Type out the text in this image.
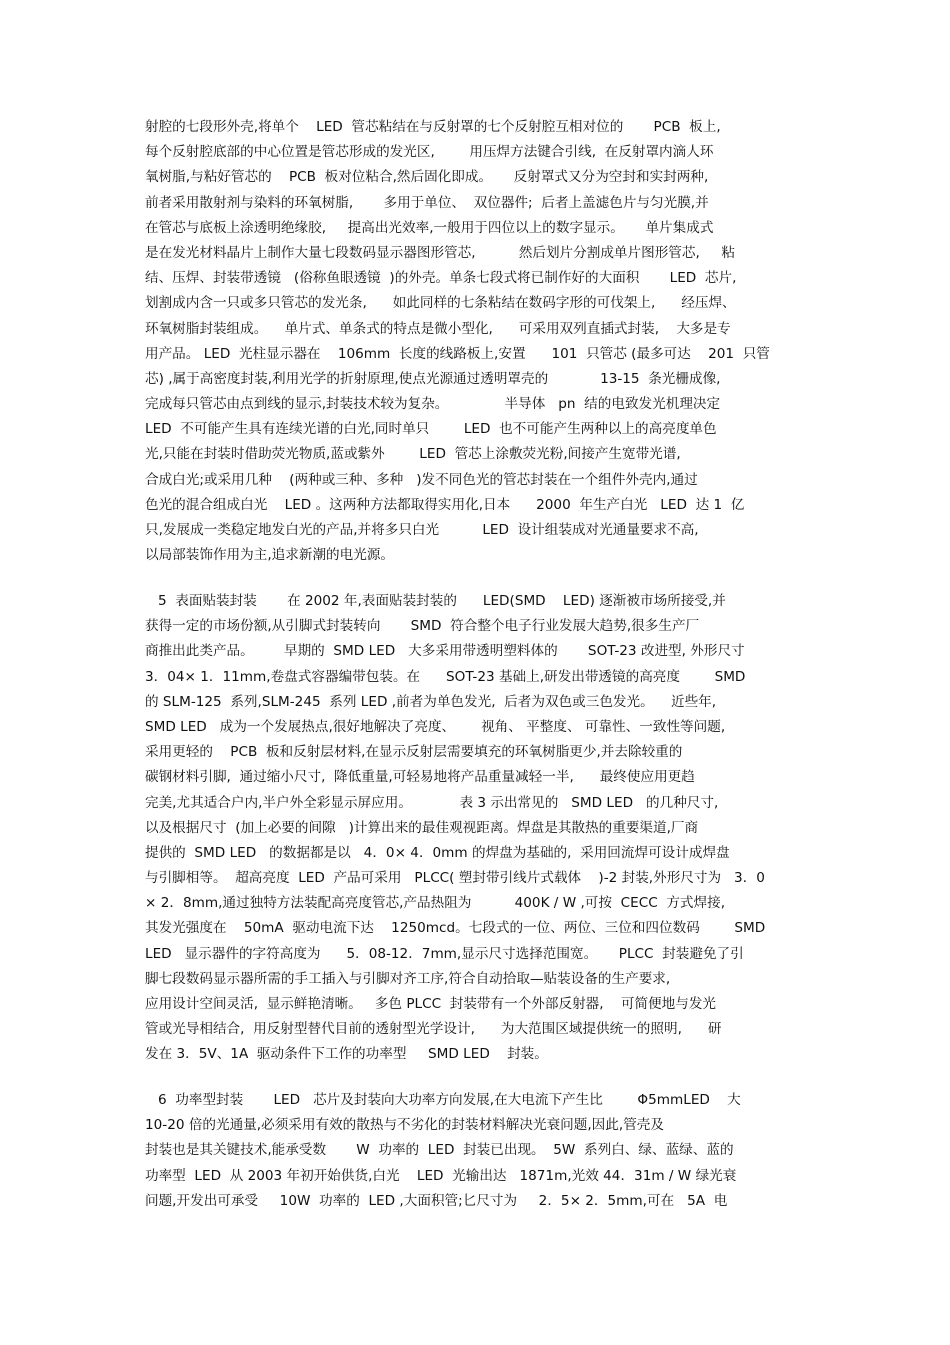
射腔的七段形外壳,将单个    LED  管芯粘结在与反射罩的七个反射腔互相对位的       PCB  板上,
每个反射腔底部的中心位置是管芯形成的发光区,        用压焊方法键合引线,  在反射罩内滴人环
氧树脂,与粘好管芯的    PCB  板对位粘合,然后固化即成。     反射罩式又分为空封和实封两种,
前者采用散射剂与染料的环氧树脂,       多用于单位、  双位器件;  后者上盖滤色片与匀光膜,并
在管芯与底板上涂透明绝缘胶,     提高出光效率,一般用于四位以上的数字显示。     单片集成式
是在发光材料晶片上制作大量七段数码显示器图形管芯,          然后划片分割成单片图形管芯,     粘
结、压焊、封装带透镜   (俗称鱼眼透镜  )的外壳。单条七段式将已制作好的大面积       LED  芯片,
划割成内含一只或多只管芯的发光条,      如此同样的七条粘结在数码字形的可伐架上,      经压焊、
环氧树脂封装组成。    单片式、单条式的特点是微小型化,      可采用双列直插式封装,    大多是专
用产品。 LED  光柱显示器在    106mm  长度的线路板上,安置      101  只管芯 (最多可达    201  只管
芯) ,属于高密度封装,利用光学的折射原理,使点光源通过透明罩壳的            13-15  条光栅成像,
完成每只管芯由点到线的显示,封装技术较为复杂。             半导体   pn  结的电致发光机理决定
LED  不可能产生具有连续光谱的白光,同时单只        LED  也不可能产生两种以上的高亮度单色
光,只能在封装时借助荧光物质,蓝或紫外        LED  管芯上涂敷荧光粉,间接产生宽带光谱,
合成白光;或采用几种    (两种或三种、多种   )发不同色光的管芯封装在一个组件外壳内,通过
色光的混合组成白光    LED 。这两种方法都取得实用化,日本      2000  年生产白光   LED  达 1  亿
只,发展成一类稳定地发白光的产品,并将多只白光          LED  设计组装成对光通量要求不高,
以局部装饰作用为主,追求新潮的电光源。
5  表面贴装封装       在 2002 年,表面贴装封装的      LED(SMD    LED) 逐渐被市场所接受,并
获得一定的市场份额,从引脚式封装转向       SMD  符合整个电子行业发展大趋势,很多生产厂
商推出此类产品。       早期的  SMD LED   大多采用带透明塑料体的       SOT-23 改进型, 外形尺寸
3．04× 1．11mm,卷盘式容器编带包装。在      SOT-23 基础上,研发出带透镜的高亮度        SMD
的 SLM-125  系列,SLM-245  系列 LED ,前者为单色发光,  后者为双色或三色发光。    近些年,
SMD LED   成为一个发展热点,很好地解决了亮度、      视角、 平整度、 可靠性、一致性等问题,
采用更轻的    PCB  板和反射层材料,在显示反射层需要填充的环氧树脂更少,并去除较重的
碳钢材料引脚,  通过缩小尺寸,  降低重量,可轻易地将产品重量减轻一半,      最终使应用更趋
完美,尤其适合户内,半户外全彩显示屏应用。           表 3 示出常见的   SMD LED   的几种尺寸,
以及根据尺寸  (加上必要的间隙   )计算出来的最佳观视距离。焊盘是其散热的重要渠道,厂商
提供的  SMD LED   的数据都是以   4．0× 4．0mm 的焊盘为基础的,  采用回流焊可设计成焊盘
与引脚相等。  超高亮度  LED  产品可采用   PLCC( 塑封带引线片式载体    )-2 封装,外形尺寸为   3．0
× 2．8mm,通过独特方法装配高亮度管芯,产品热阻为          400K / W ,可按  CECC  方式焊接,
其发光强度在    50mA  驱动电流下达    1250mcd。七段式的一位、两位、三位和四位数码        SMD
LED   显示器件的字符高度为      5．08-12．7mm,显示尺寸选择范围宽。     PLCC  封装避免了引
脚七段数码显示器所需的手工插入与引脚对齐工序,符合自动拾取—贴装设备的生产要求,
应用设计空间灵活,  显示鲜艳清晰。   多色 PLCC  封装带有一个外部反射器,    可简便地与发光
管或光导相结合,  用反射型替代目前的透射型光学设计,      为大范围区域提供统一的照明,      研
发在 3．5V、1A  驱动条件下工作的功率型     SMD LED    封装。
6  功率型封装       LED   芯片及封装向大功率方向发展,在大电流下产生比        Φ5mmLED    大
10-20 倍的光通量,必须采用有效的散热与不劣化的封装材料解决光衰问题,因此,管壳及
封装也是其关键技术,能承受数       W  功率的  LED  封装已出现。  5W  系列白、绿、蓝绿、蓝的
功率型  LED  从 2003 年初开始供货,白光    LED  光输出达   1871m,光效 44．31m / W 绿光衰
问题,开发出可承受     10W  功率的  LED ,大面积管;匕尺寸为     2．5× 2．5mm,可在   5A  电
